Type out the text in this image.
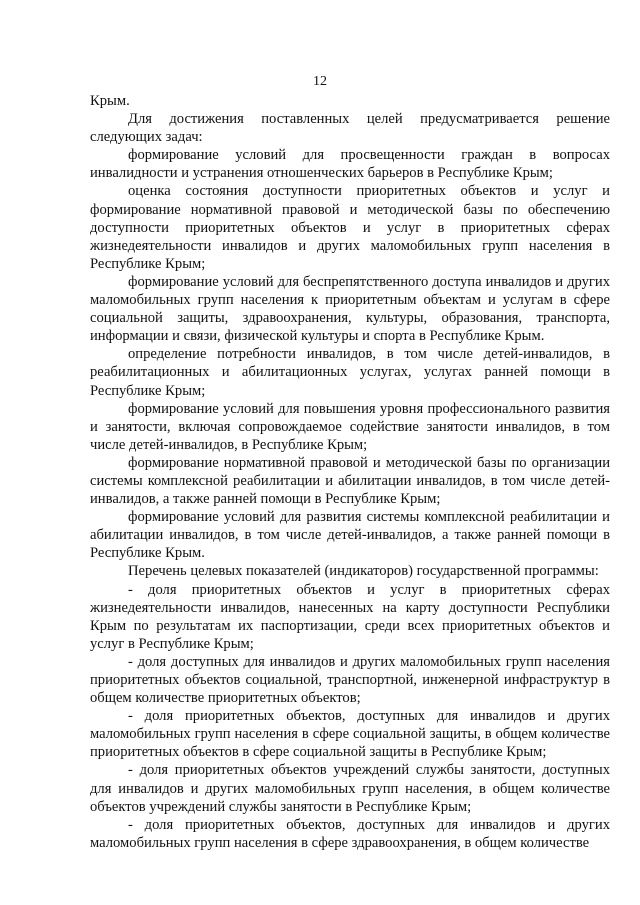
12

Крым.

Для достижения поставленных целей предусматривается решение следующих задач:

формирование условий для просвещенности граждан в вопросах инвалидности и устранения отношенческих барьеров в Республике Крым;

оценка состояния доступности приоритетных объектов и услуг и формирование нормативной правовой и методической базы по обеспечению доступности приоритетных объектов и услуг в приоритетных сферах жизнедеятельности инвалидов и других маломобильных групп населения в Республике Крым;

формирование условий для беспрепятственного доступа инвалидов и других маломобильных групп населения к приоритетным объектам и услугам в сфере социальной защиты, здравоохранения, культуры, образования, транспорта, информации и связи, физической культуры и спорта в Республике Крым.

определение потребности инвалидов, в том числе детей-инвалидов, в реабилитационных и абилитационных услугах, услугах ранней помощи в Республике Крым;

формирование условий для повышения уровня профессионального развития и занятости, включая сопровождаемое содействие занятости инвалидов, в том числе детей-инвалидов, в Республике Крым;

формирование нормативной правовой и методической базы по организации системы комплексной реабилитации и абилитации инвалидов, в том числе детей-инвалидов, а также ранней помощи в Республике Крым;

формирование условий для развития системы комплексной реабилитации и абилитации инвалидов, в том числе детей-инвалидов, а также ранней помощи в Республике Крым.

Перечень целевых показателей (индикаторов) государственной программы:

- доля приоритетных объектов и услуг в приоритетных сферах жизнедеятельности инвалидов, нанесенных на карту доступности Республики Крым по результатам их паспортизации, среди всех приоритетных объектов и услуг в Республике Крым;

- доля доступных для инвалидов и других маломобильных групп населения приоритетных объектов социальной, транспортной, инженерной инфраструктур в общем количестве приоритетных объектов;

- доля приоритетных объектов, доступных для инвалидов и других маломобильных групп населения в сфере социальной защиты, в общем количестве приоритетных объектов в сфере социальной защиты в Республике Крым;

- доля приоритетных объектов учреждений службы занятости, доступных для инвалидов и других маломобильных групп населения, в общем количестве объектов учреждений службы занятости в Республике Крым;

- доля приоритетных объектов, доступных для инвалидов и других маломобильных групп населения в сфере здравоохранения, в общем количестве
